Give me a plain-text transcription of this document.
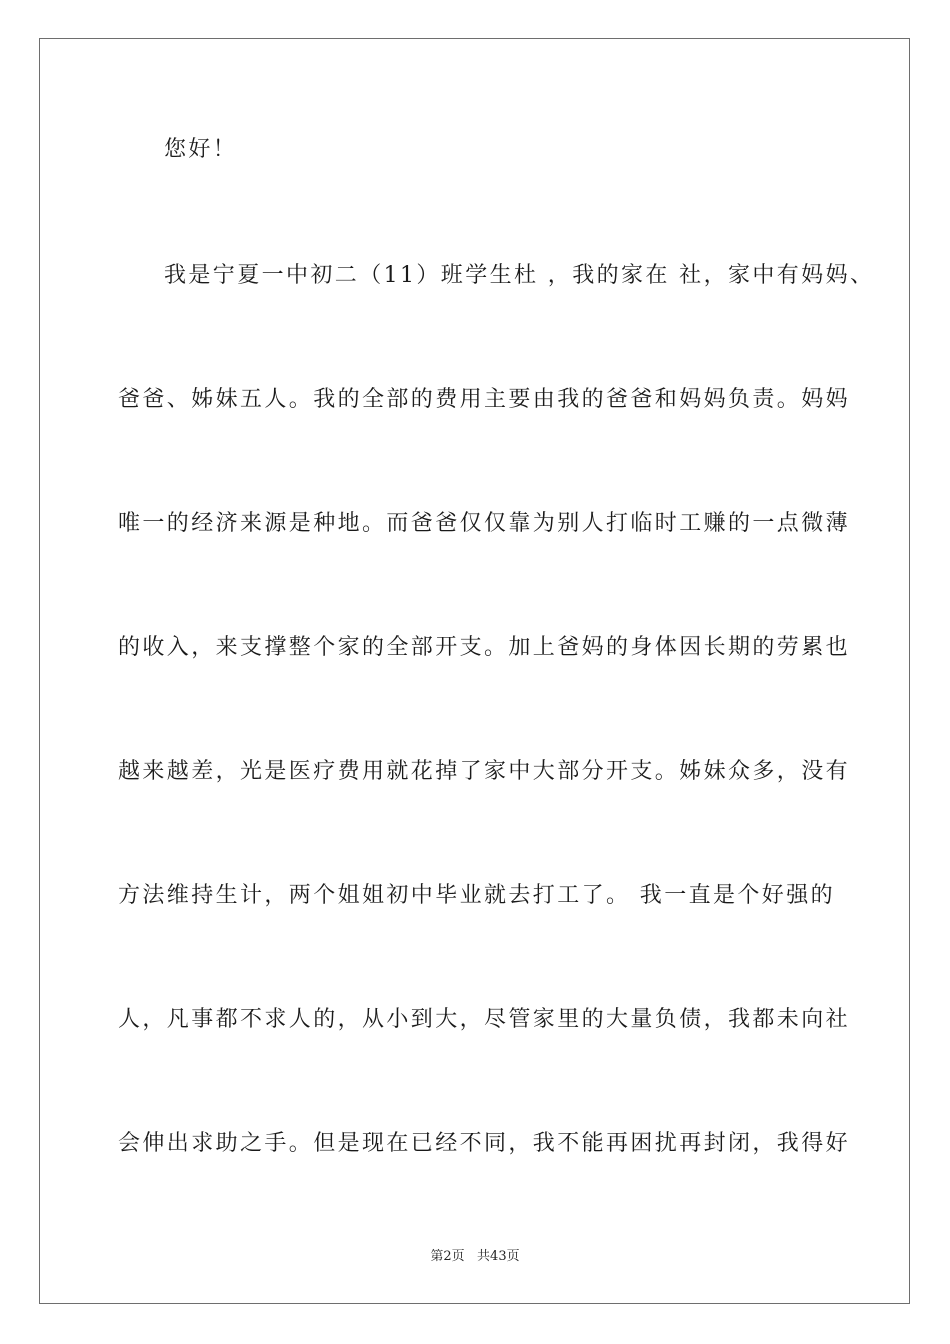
您好！
我是宁夏一中初二（11）班学生杜 ，我的家在 社，家中有妈妈、
爸爸、姊妹五人。我的全部的费用主要由我的爸爸和妈妈负责。妈妈
唯一的经济来源是种地。而爸爸仅仅靠为别人打临时工赚的一点微薄
的收入，来支撑整个家的全部开支。加上爸妈的身体因长期的劳累也
越来越差，光是医疗费用就花掉了家中大部分开支。姊妹众多，没有
方法维持生计，两个姐姐初中毕业就去打工了。 我一直是个好强的
人，凡事都不求人的，从小到大，尽管家里的大量负债，我都未向社
会伸出求助之手。但是现在已经不同，我不能再困扰再封闭，我得好
第2页   共43页
